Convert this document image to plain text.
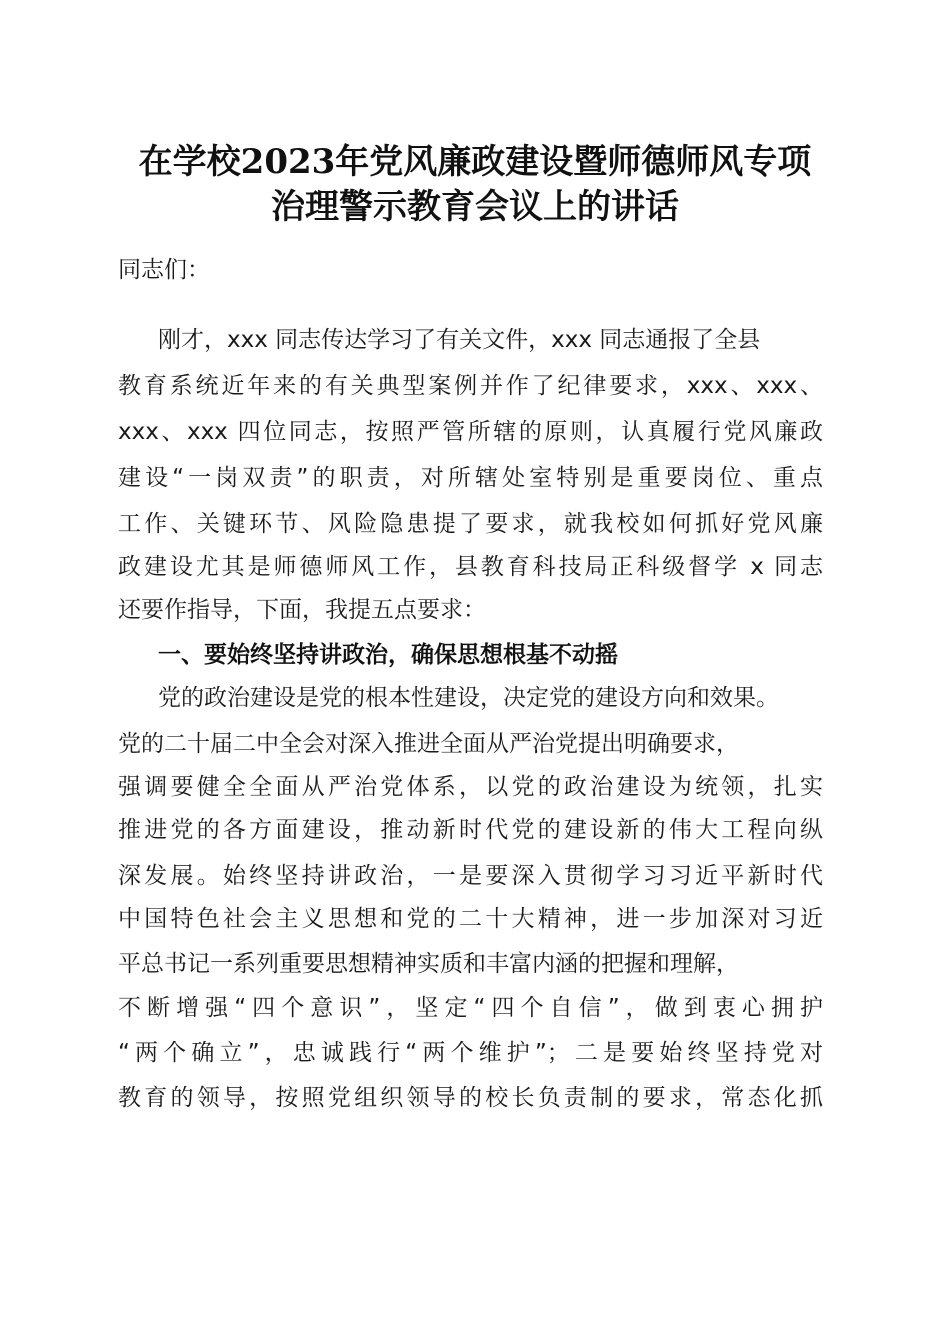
在学校2023年党风廉政建设暨师德师风专项
治理警示教育会议上的讲话
同志们：
刚才，xxx 同志传达学习了有关文件，xxx 同志通报了全县
教育系统近年来的有关典型案例并作了纪律要求，xxx、xxx、
xxx、xxx 四位同志，按照严管所辖的原则，认真履行党风廉政
建设“一岗双责”的职责，对所辖处室特别是重要岗位、重点
工作、关键环节、风险隐患提了要求，就我校如何抓好党风廉
政建设尤其是师德师风工作，县教育科技局正科级督学 x 同志
还要作指导，下面，我提五点要求：
一、要始终坚持讲政治，确保思想根基不动摇
党的政治建设是党的根本性建设，决定党的建设方向和效果。
党的二十届二中全会对深入推进全面从严治党提出明确要求，
强调要健全全面从严治党体系，以党的政治建设为统领，扎实
推进党的各方面建设，推动新时代党的建设新的伟大工程向纵
深发展。始终坚持讲政治，一是要深入贯彻学习习近平新时代
中国特色社会主义思想和党的二十大精神，进一步加深对习近
平总书记一系列重要思想精神实质和丰富内涵的把握和理解，
不断增强“四个意识”，坚定“四个自信”，做到衷心拥护
“两个确立”，忠诚践行“两个维护”；二是要始终坚持党对
教育的领导，按照党组织领导的校长负责制的要求，常态化抓
